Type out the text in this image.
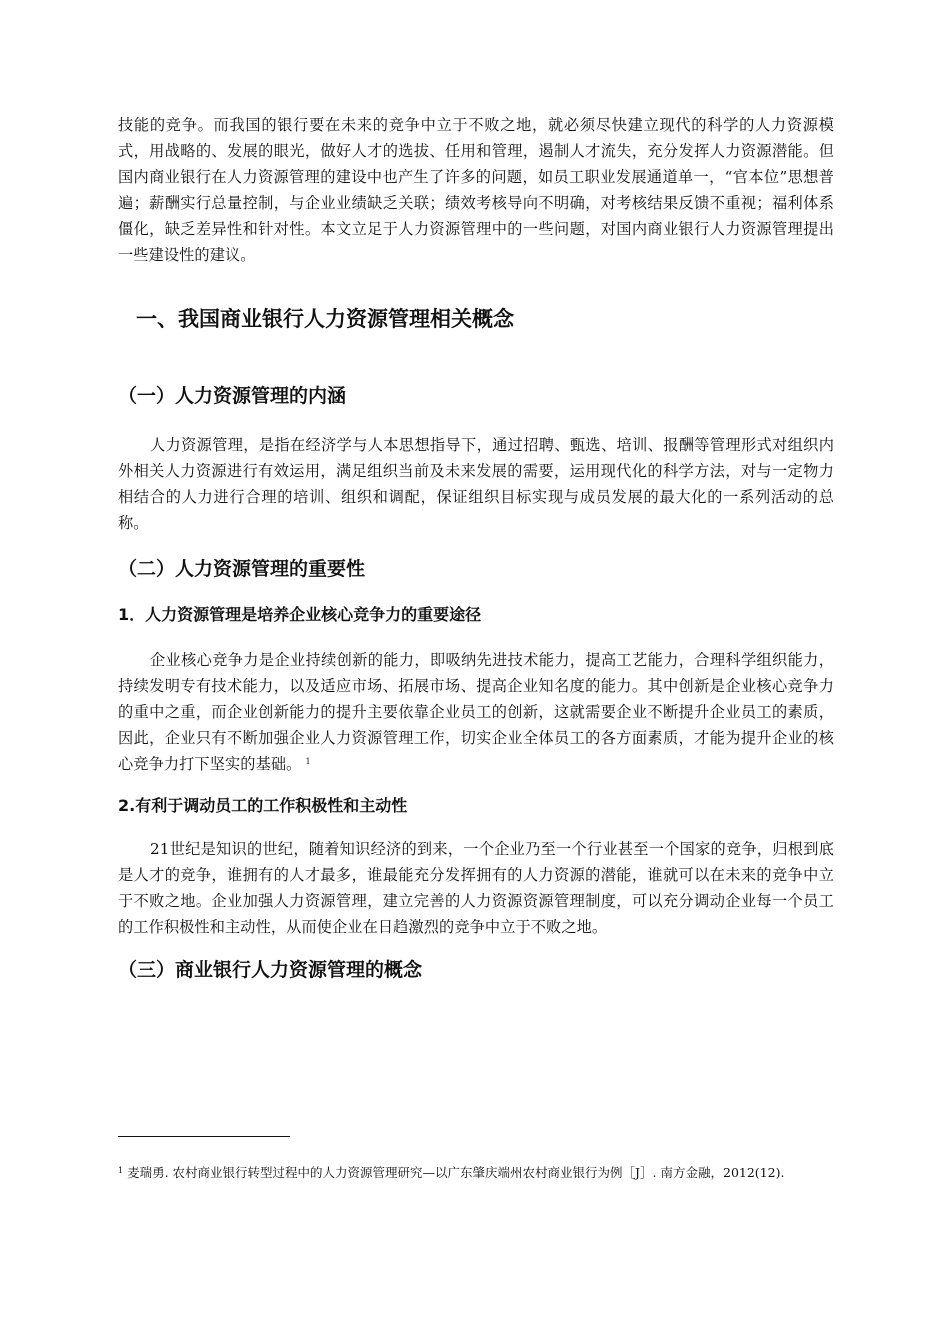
技能的竞争。而我国的银行要在未来的竞争中立于不败之地，就必须尽快建立现代的科学的人力资源模式，用战略的、发展的眼光，做好人才的选拔、任用和管理，遏制人才流失，充分发挥人力资源潜能。但国内商业银行在人力资源管理的建设中也产生了许多的问题，如员工职业发展通道单一，“官本位”思想普遍；薪酬实行总量控制，与企业业绩缺乏关联；绩效考核导向不明确，对考核结果反馈不重视；福利体系僵化，缺乏差异性和针对性。本文立足于人力资源管理中的一些问题，对国内商业银行人力资源管理提出一些建设性的建议。

一、我国商业银行人力资源管理相关概念
（一）人力资源管理的内涵

人力资源管理，是指在经济学与人本思想指导下，通过招聘、甄选、培训、报酬等管理形式对组织内外相关人力资源进行有效运用，满足组织当前及未来发展的需要，运用现代化的科学方法，对与一定物力相结合的人力进行合理的培训、组织和调配，保证组织目标实现与成员发展的最大化的一系列活动的总称。

（二）人力资源管理的重要性
1．人力资源管理是培养企业核心竞争力的重要途径

企业核心竞争力是企业持续创新的能力，即吸纳先进技术能力，提高工艺能力，合理科学组织能力，持续发明专有技术能力，以及适应市场、拓展市场、提高企业知名度的能力。其中创新是企业核心竞争力的重中之重，而企业创新能力的提升主要依靠企业员工的创新，这就需要企业不断提升企业员工的素质，因此，企业只有不断加强企业人力资源管理工作，切实企业全体员工的各方面素质，才能为提升企业的核心竞争力打下坚实的基础。 $^1$

2.有利于调动员工的工作积极性和主动性

21世纪是知识的世纪，随着知识经济的到来，一个企业乃至一个行业甚至一个国家的竞争，归根到底是人才的竞争，谁拥有的人才最多，谁最能充分发挥拥有的人力资源的潜能，谁就可以在未来的竞争中立于不败之地。企业加强人力资源管理，建立完善的人力资源资源管理制度，可以充分调动企业每一个员工的工作积极性和主动性，从而使企业在日趋激烈的竞争中立于不败之地。

（三）商业银行人力资源管理的概念
$^1$ 麦瑞勇. 农村商业银行转型过程中的人力资源管理研究—以广东肇庆端州农村商业银行为例［J］. 南方金融，2012(12).
